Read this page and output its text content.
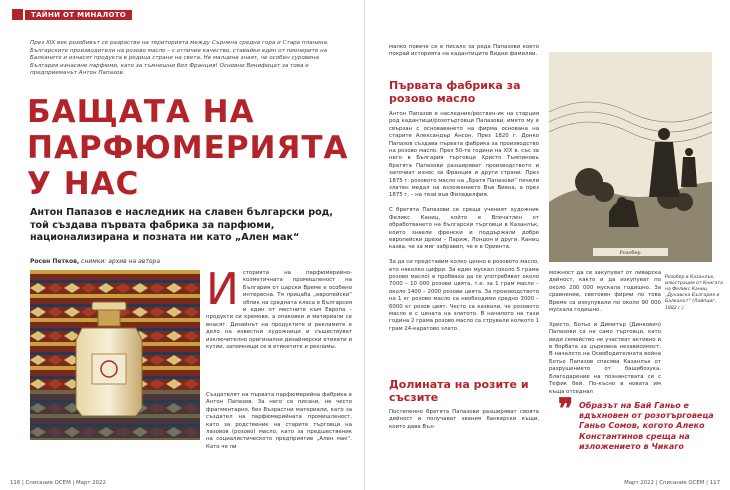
ТАЙНИ ОТ МИНАЛОТО

През XIX век розобивът се разраства на територията между Сърнена средна гора и Стара планина. Българските производители на розово масло – с отличие качество, ставайки един от пионерите на Балканите и изнасят продукта в редица страни на света. Не малцина знаят, че особен суровина България изнасяне парфюми, като за тъмнешни бил Франция! Основни Винифицат за това е предприемачът Антон Папазов.

БАЩАТА НА
ПАРФЮМЕРИЯТА
У НАС

Антон Папазов е наследник на славен български род, той създава първата фабрика за парфюми, национализирана и позната ни като „Ален мак“

Росен Петков, снимки: архив на автора

Историята на парфюмерийно-козметичната промишленост на България от царски Време е особено интересна. Тя прицаба „европейски“ облик на средната класа в Българсия и един от местните към Европа – продукти си кремове, а опаковки и матириали се внасят. Дизайнът на продуктите и рекламите е дело на известни художници и съществуват изключително оригинални дизайнерски етикети и кутии, запомнящи се в етикетите и рекламы.

Създателят на първата парфюмерийна фабрика е Антон Папазов. За него се писани, не често фрагментарно, без Възрастни материали, като за създател на парфюмерийната промишленост, като за родственик на старите търговци на лазовов (розово) масло, като за предшественик на социалистическото предприятие „Ален мак“. Като че ли

116 | Списание ОСЕМ | Март 2022

малко повече се е писало за реда Папазови което покрай историята на кадантиците Видни фамилии.

Първата фабрика за розово масло

Антон Папазов е наследник/роствен-ик на старция род кадантици/розотърговци Папазови, името му е свързан с основаването на фирма основана на старите Александър Ансон. През 1820 г. Донко Папазов създава първата фабрика за производство на розово масло. През 50-те години на XIX в. със за него в България търговци Христо Тъмпиновъ братята Папазови разширяват производството и започват износ за Франция и други страни. През 1875 г. розовото масло на „Братя Папазови“ печели златен медал на изложението Във Виена, а през 1875 г. – на тези във Филаделфия.

С братята Папазови се среща ученият художник Феликс Каниц, който е Впечатлен от обработването на български търговци в Казанлък, които знаели френски и поддържали добре европейски дрехи – Париж, Лондон и други. Каниц казва, че за миг забравил, че е в Ориента.

За да си представим колко ценно е розовото масло, ето няколко цифри. За един мускал (около 5 грама розово масло) е пробваха да се употребяват около 7000 – 10 000 розови цвята, т.е. за 1 грам масло – около 1400 – 2000 розови цвята. За производството на 1 кг розово масло са необходими средно 3000 – 6000 кг розов цвят. Често са казвали, че розовото масло е с цената на златото. В началото на тази година 2 грама розово масло са стрували колкото 1 грам 24-каратово злато.

Долината на розите и съсзите

Постепенно братята Папазови разширяват своята дейност и получават звания банкерски къщи, които дава Въз-

Розобер

Розобер в Казанлък, илюстрация от Книгата на Феликс Каниц „Дунавска България и Балканът“ (Лайпциг, 1882 г.)

можност да се закупуват от ливарска дейност, както и да изкупуват по около 200 000 мускала годишно. За сравнение, световен фирми по това Време са изкупували по около 90 000 мускала годишно.

Христо, Ботьо и Димитър (Динкович) Папазови са не само търговци, като види семейство не участват активно и в борбата за църковна независимост. В началото на Освободителната война Ботьо Папазов спасява Казанлък от разрушението от башибозука. Благодарение на познанствата си с Тефик бей. По-късно в новата им къща отседнал

❞ Образът на Бай Ганьо е вдъхновен от розотърговеца Ганьо Сомов, когото Алеко Константинов среща на изложението в Чикаго

Март 2022 | Списание ОСЕМ | 117
